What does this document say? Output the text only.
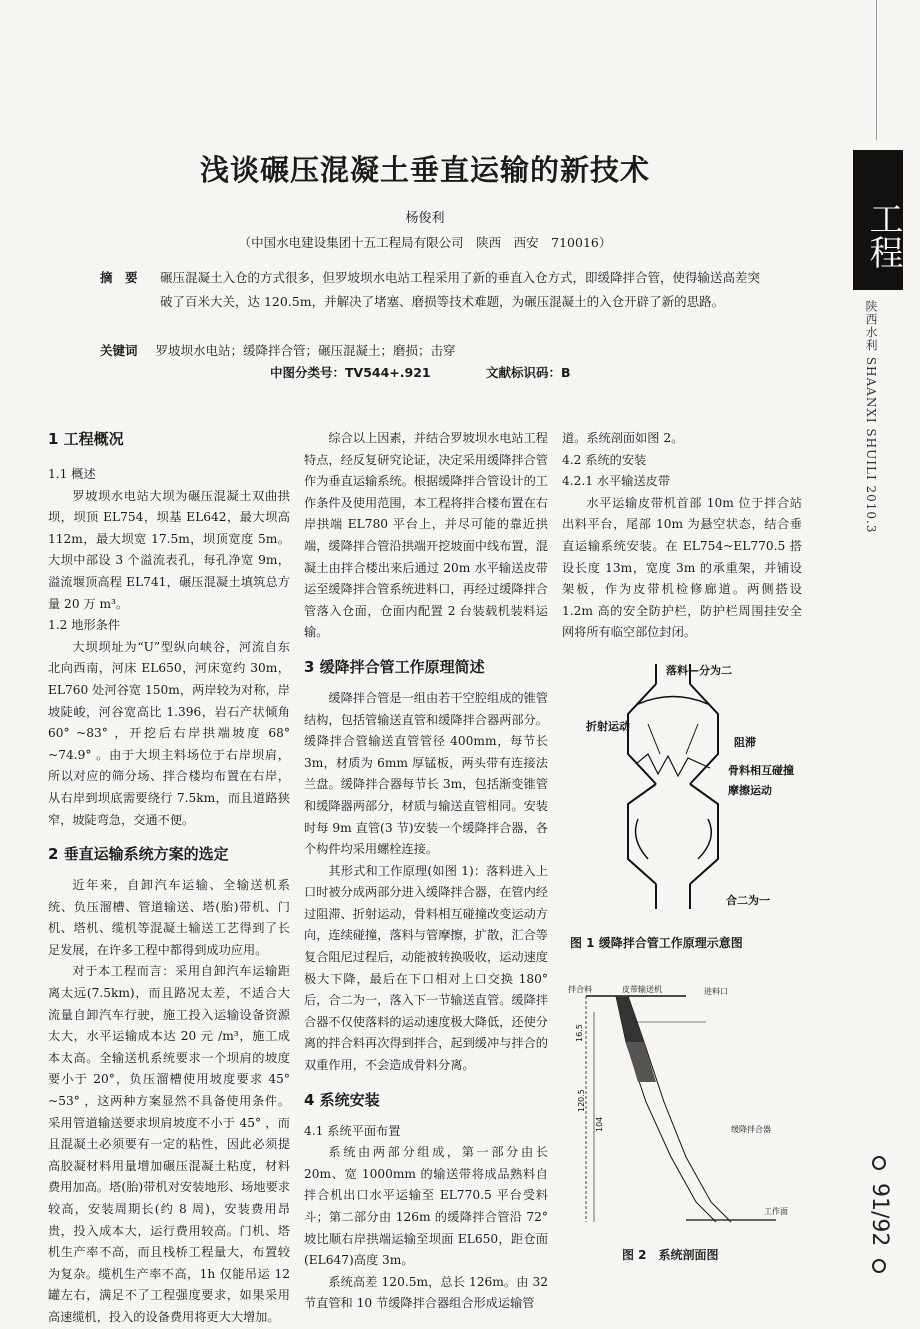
浅谈碾压混凝土垂直运输的新技术
杨俊利
（中国水电建设集团十五工程局有限公司　陕西　西安　710016）
摘　要	碾压混凝土入仓的方式很多，但罗坡坝水电站工程采用了新的垂直入仓方式，即缓降拌合管，使得输送高差突破了百米大关，达 120.5m，并解决了堵塞、磨损等技术难题，为碾压混凝土的入仓开辟了新的思路。
关键词 罗坡坝水电站；缓降拌合管；碾压混凝土；磨损；击穿
中图分类号：TV544+.921	文献标识码：B
1 工程概况

1.1 概述

罗坡坝水电站大坝为碾压混凝土双曲拱坝，坝顶 EL754，坝基 EL642，最大坝高 112m，最大坝宽 17.5m，坝顶宽度 5m。大坝中部设 3 个溢流表孔，每孔净宽 9m，溢流堰顶高程 EL741，碾压混凝土填筑总方量 20 万 m³。

1.2 地形条件

大坝坝址为“U”型纵向峡谷，河流自东北向西南，河床 EL650，河床宽约 30m，EL760 处河谷宽 150m，两岸较为对称，岸坡陡峻，河谷宽高比 1.396，岩石产状倾角 60° ~83° ，开挖后右岸拱端坡度 68° ~74.9° 。由于大坝主料场位于右岸坝肩，所以对应的筛分场、拌合楼均布置在右岸，从右岸到坝底需要绕行 7.5km，而且道路狭窄，坡陡弯急，交通不便。

2 垂直运输系统方案的选定

近年来，自卸汽车运输、全输送机系统、负压溜槽、管道输送、塔(胎)带机、门机、塔机、缆机等混凝土输送工艺得到了长足发展，在许多工程中都得到成功应用。

对于本工程而言：采用自卸汽车运输距离太远(7.5km)，而且路况太差，不适合大流量自卸汽车行驶，施工投入运输设备资源太大，水平运输成本达 20 元 /m³，施工成本太高。全输送机系统要求一个坝肩的坡度要小于 20°，负压溜槽使用坡度要求 45° ~53° ，这两种方案显然不具备使用条件。采用管道输送要求坝肩坡度不小于 45° ，而且混凝土必须要有一定的粘性，因此必须提高胶凝材料用量增加碾压混凝土粘度，材料费用加高。塔(胎)带机对安装地形、场地要求较高，安装周期长(约 8 周)，安装费用昂贵，投入成本大，运行费用较高。门机、塔机生产率不高，而且栈桥工程量大，布置较为复杂。缆机生产率不高，1h 仅能吊运 12 罐左右，满足不了工程强度要求，如果采用高速缆机，投入的设备费用将更大大增加。

综合以上因素，并结合罗坡坝水电站工程特点，经反复研究论证，决定采用缓降拌合管作为垂直运输系统。根据缓降拌合管设计的工作条件及使用范围，本工程将拌合楼布置在右岸拱端 EL780 平台上，并尽可能的靠近拱端，缓降拌合管沿拱端开挖坡面中线布置，混凝土由拌合楼出来后通过 20m 水平输送皮带运至缓降拌合管系统进料口，再经过缓降拌合管落入仓面，仓面内配置 2 台装载机装料运输。

3 缓降拌合管工作原理简述

缓降拌合管是一组由若干空腔组成的锥管结构，包括管输送直管和缓降拌合器两部分。缓降拌合管输送直管管径 400mm，每节长 3m，材质为 6mm 厚锰板，两头带有连接法兰盘。缓降拌合器每节长 3m，包括渐变锥管和缓降器两部分，材质与输送直管相同。安装时每 9m 直管(3 节)安装一个缓降拌合器，各个构件均采用螺栓连接。

其形式和工作原理(如图 1)：落料进入上口时被分成两部分进入缓降拌合器，在管内经过阻滞、折射运动，骨料相互碰撞改变运动方向，连续碰撞，落料与管摩擦，扩散，汇合等复合阻尼过程后，动能被转换吸收，运动速度极大下降，最后在下口相对上口交换 180° 后，合二为一，落入下一节输送直管。缓降拌合器不仅使落料的运动速度极大降低，还使分离的拌合料再次得到拌合，起到缓冲与拌合的双重作用，不会造成骨料分离。

4 系统安装

4.1 系统平面布置

系统由两部分组成，第一部分由长 20m、宽 1000mm 的输送带将成品熟料自拌合机出口水平运输至 EL770.5 平台受料斗；第二部分由 126m 的缓降拌合管沿 72° 坡比顺右岸拱端运输至坝面 EL650，距仓面(EL647)高度 3m。

系统高差 120.5m，总长 126m。由 32 节直管和 10 节缓降拌合器组合形成运输管

道。系统剖面如图 2。

4.2 系统的安装

4.2.1 水平输送皮带

水平运输皮带机首部 10m 位于拌合站出料平台，尾部 10m 为悬空状态，结合垂直运输系统安装。在 EL754~EL770.5 搭设长度 13m，宽度 3m 的承重架，并铺设架板，作为皮带机检修廊道。两侧搭设 1.2m 高的安全防护栏，防护栏周围挂安全网将所有临空部位封闭。

落料—分为二
折射运动
阻滞
骨料相互碰撞
摩擦运动
合二为一
图 1 缓降拌合管工作原理示意图
拌合料	皮带输送机	进料口
缓降拌合器
工作面
16.5
120.5
104
图 2　系统剖面图
工程
陕西水利 SHAANXI SHUILI 2010.3
91/92
